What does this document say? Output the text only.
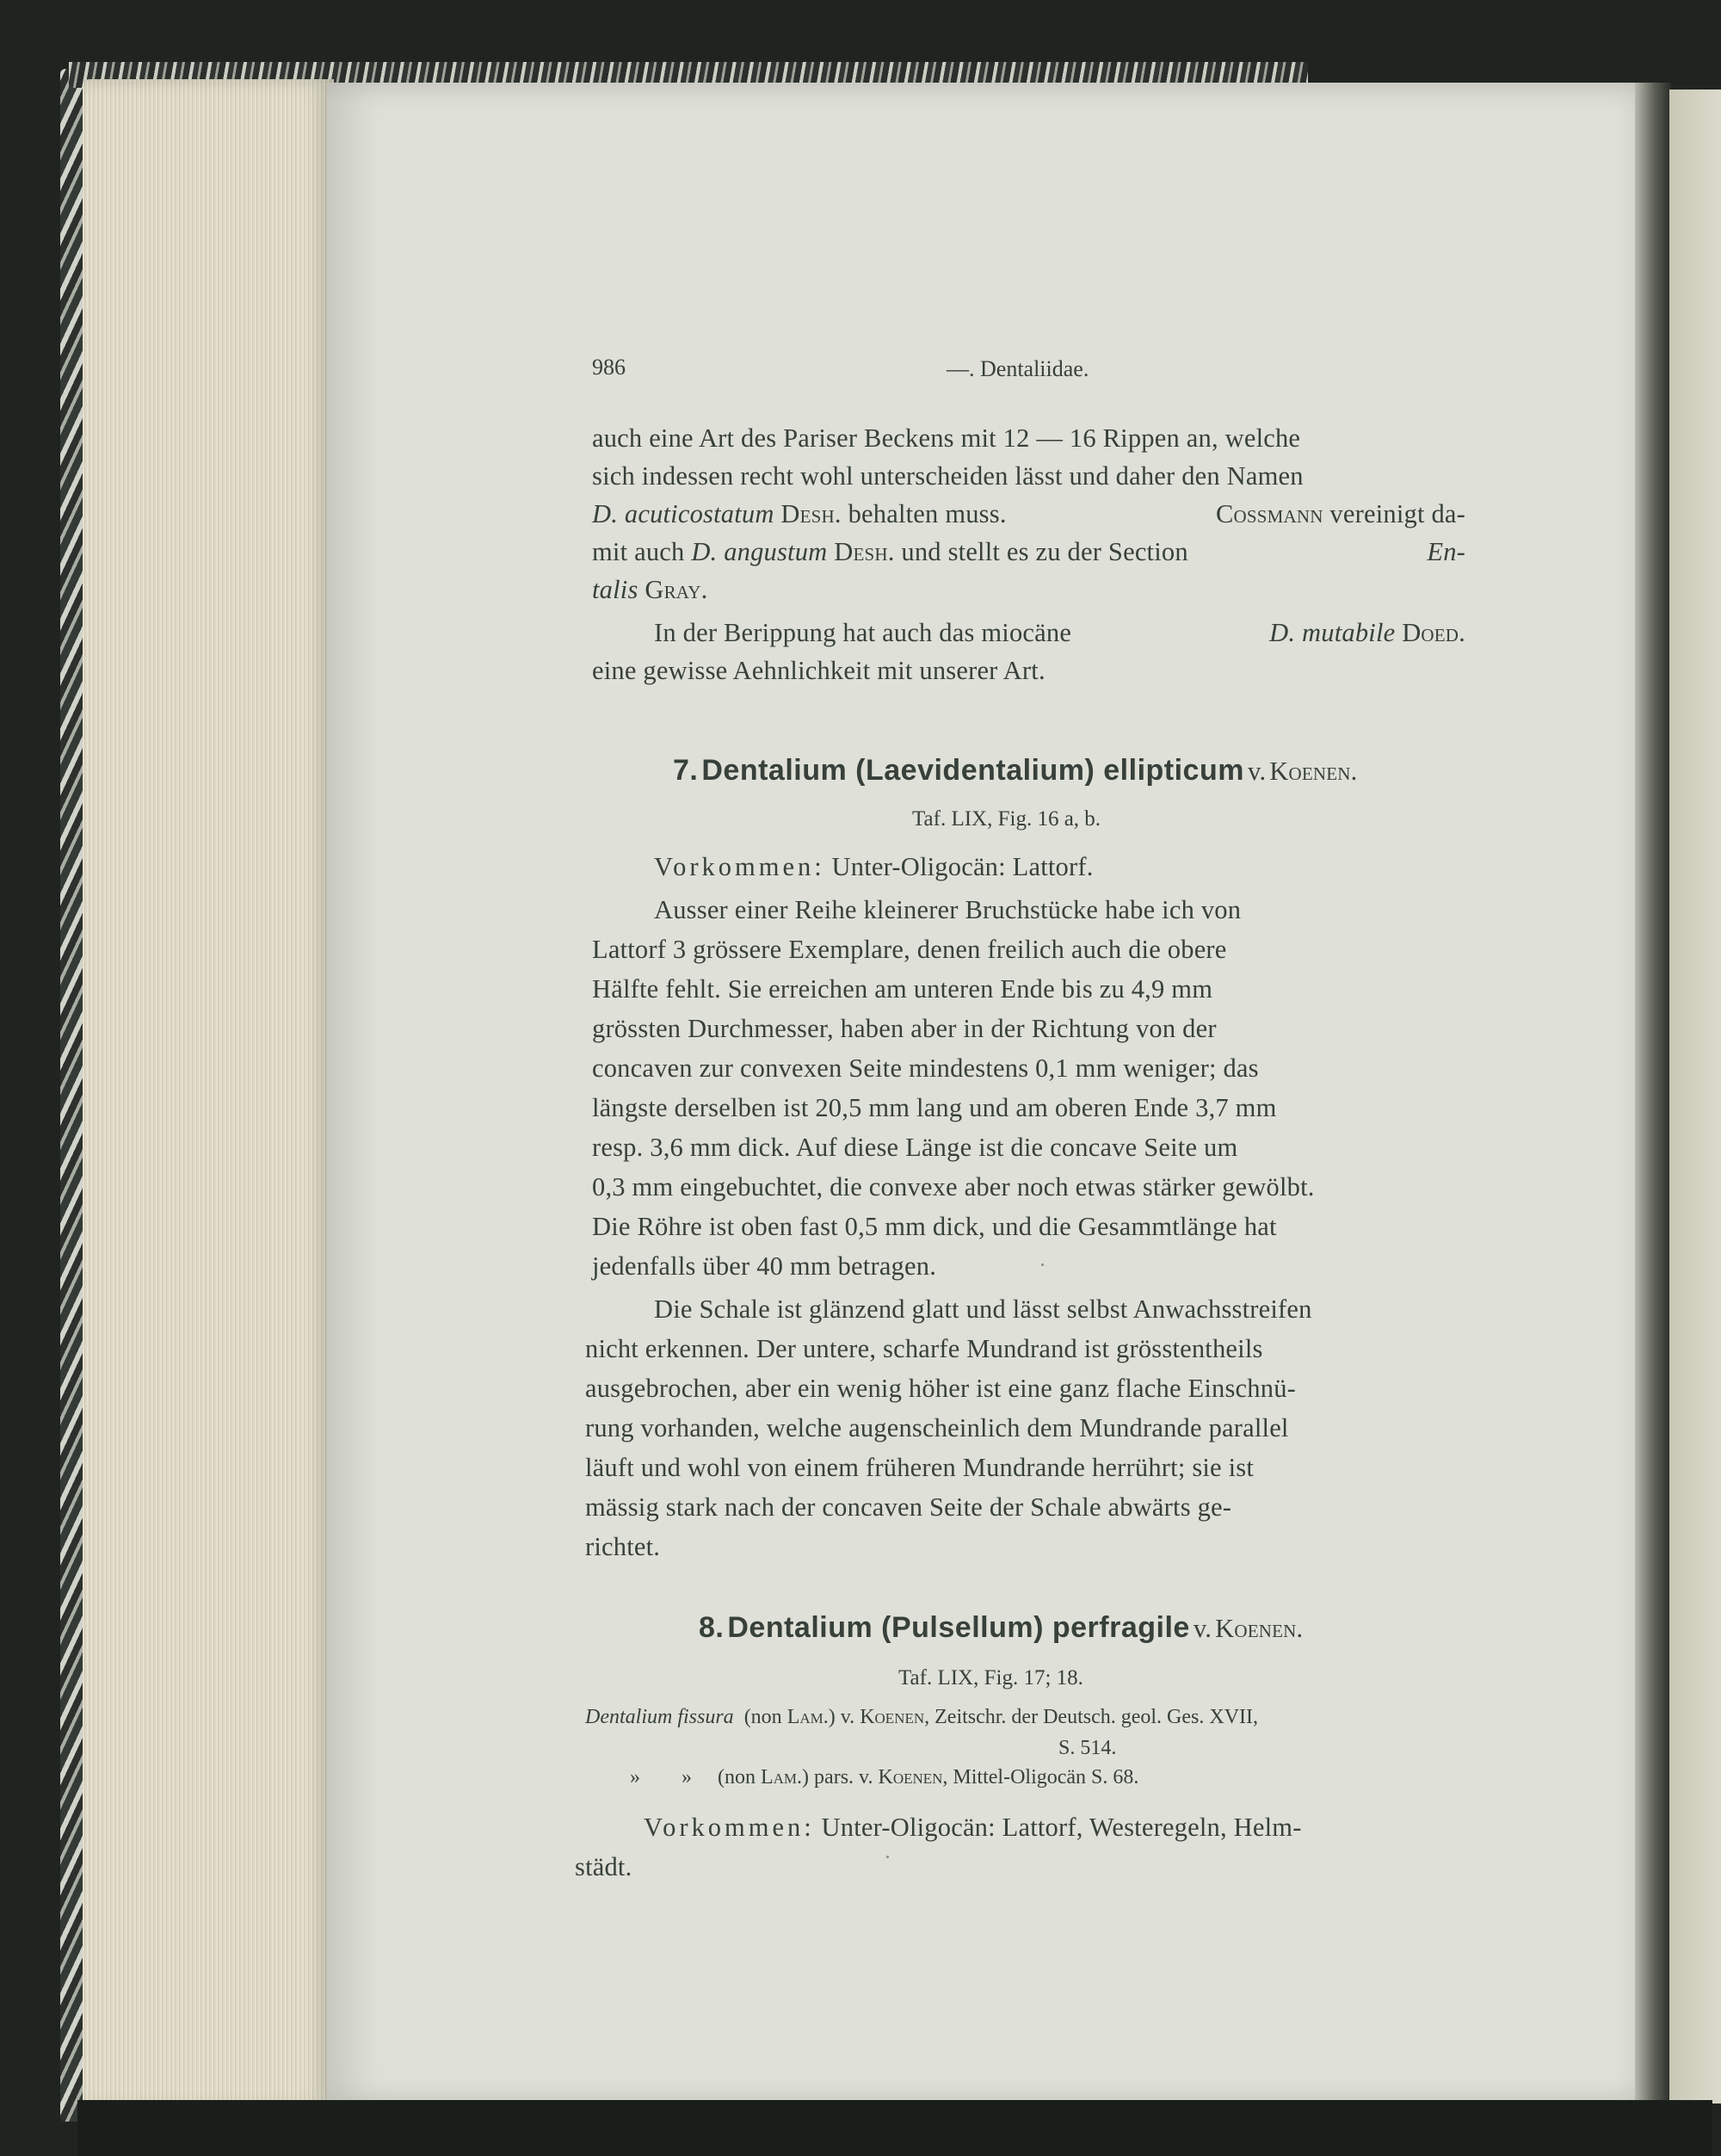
986	—. Dentaliidae.
auch eine Art des Pariser Beckens mit 12 — 16 Rippen an, welche
sich indessen recht wohl unterscheiden lässt und daher den Namen
D. acuticostatum Desh. behalten muss.	Cossmann vereinigt da-
mit auch D. angustum Desh. und stellt es zu der Section	En-
talis Gray.
In der Berippung hat auch das miocäne	D. mutabile Doed.
eine gewisse Aehnlichkeit mit unserer Art.
7. Dentalium (Laevidentalium) ellipticum v. Koenen.
Taf. LIX, Fig. 16 a, b.
Vorkommen: Unter-Oligocän: Lattorf.
Ausser einer Reihe kleinerer Bruchstücke habe ich von
Lattorf 3 grössere Exemplare, denen freilich auch die obere
Hälfte fehlt. Sie erreichen am unteren Ende bis zu 4,9 mm
grössten Durchmesser, haben aber in der Richtung von der
concaven zur convexen Seite mindestens 0,1 mm weniger; das
längste derselben ist 20,5 mm lang und am oberen Ende 3,7 mm
resp. 3,6 mm dick. Auf diese Länge ist die concave Seite um
0,3 mm eingebuchtet, die convexe aber noch etwas stärker gewölbt.
Die Röhre ist oben fast 0,5 mm dick, und die Gesammtlänge hat
jedenfalls über 40 mm betragen.
Die Schale ist glänzend glatt und lässt selbst Anwachsstreifen
nicht erkennen. Der untere, scharfe Mundrand ist grösstentheils
ausgebrochen, aber ein wenig höher ist eine ganz flache Einschnü-
rung vorhanden, welche augenscheinlich dem Mundrande parallel
läuft und wohl von einem früheren Mundrande herrührt; sie ist
mässig stark nach der concaven Seite der Schale abwärts ge-
richtet.
8. Dentalium (Pulsellum) perfragile v. Koenen.
Taf. LIX, Fig. 17; 18.
Dentalium fissura (non Lam.) v. Koenen, Zeitschr. der Deutsch. geol. Ges. XVII,
S. 514.
» » (non Lam.) pars. v. Koenen, Mittel-Oligocän S. 68.
Vorkommen: Unter-Oligocän: Lattorf, Westeregeln, Helm-
städt.
